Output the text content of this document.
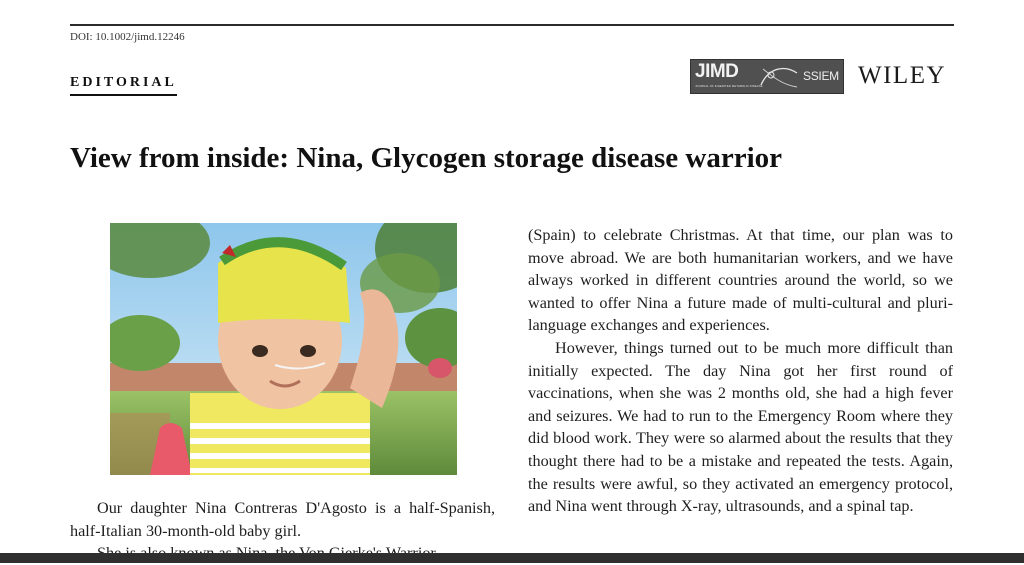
DOI: 10.1002/jimd.12246
EDITORIAL
JIMD
JOURNAL OF INHERITED METABOLIC DISEASE
SSIEM WILEY
View from inside: Nina, Glycogen storage disease warrior

Our daughter Nina Contreras D'Agosto is a half-Spanish, half-Italian 30-month-old baby girl.

(Spain) to celebrate Christmas. At that time, our plan was to move abroad. We are both humanitarian workers, and we have always worked in different countries around the world, so we wanted to offer Nina a future made of multi-cultural and pluri-language exchanges and experiences.

However, things turned out to be much more difficult than initially expected. The day Nina got her first round of vaccinations, when she was 2 months old, she had a high fever and seizures. We had to run to the Emergency Room where they did blood work. They were so alarmed about the results that they thought there had to be a mistake and repeated the tests. Again, the results were awful, so they activated an emergency protocol, and Nina went through X-ray, ultrasounds, and a spinal tap.
